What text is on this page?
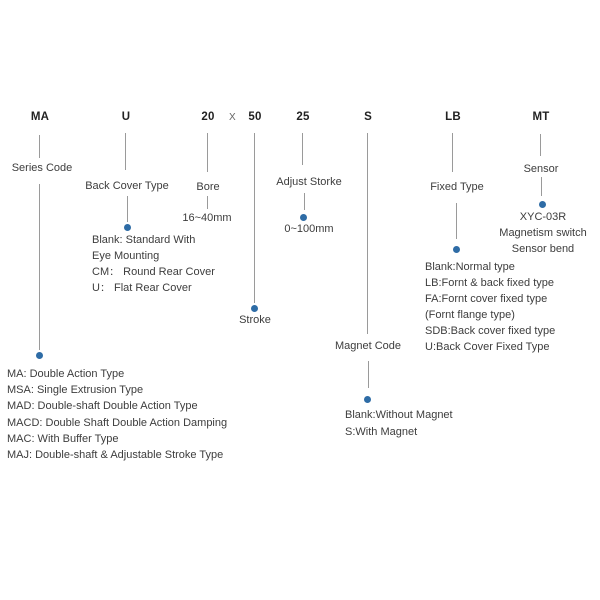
MA	U	20	X	50	25	S	LB	MT
Series Code
MA: Double Action Type
MSA: Single Extrusion Type
MAD: Double-shaft Double Action Type
MACD: Double Shaft Double Action Damping
MAC: With Buffer Type
MAJ: Double-shaft & Adjustable Stroke Type
Back Cover Type
Blank: Standard With
Eye Mounting
CM： Round Rear Cover
U： Flat Rear Cover
Bore
16~40mm
Stroke
Adjust Storke
0~100mm
Magnet Code
Blank:Without Magnet
S:With Magnet
Fixed Type
Blank:Normal type
LB:Fornt & back fixed type
FA:Fornt cover fixed type
(Fornt flange type)
SDB:Back cover fixed type
U:Back Cover Fixed Type
Sensor
XYC-03R
Magnetism switch
Sensor bend
